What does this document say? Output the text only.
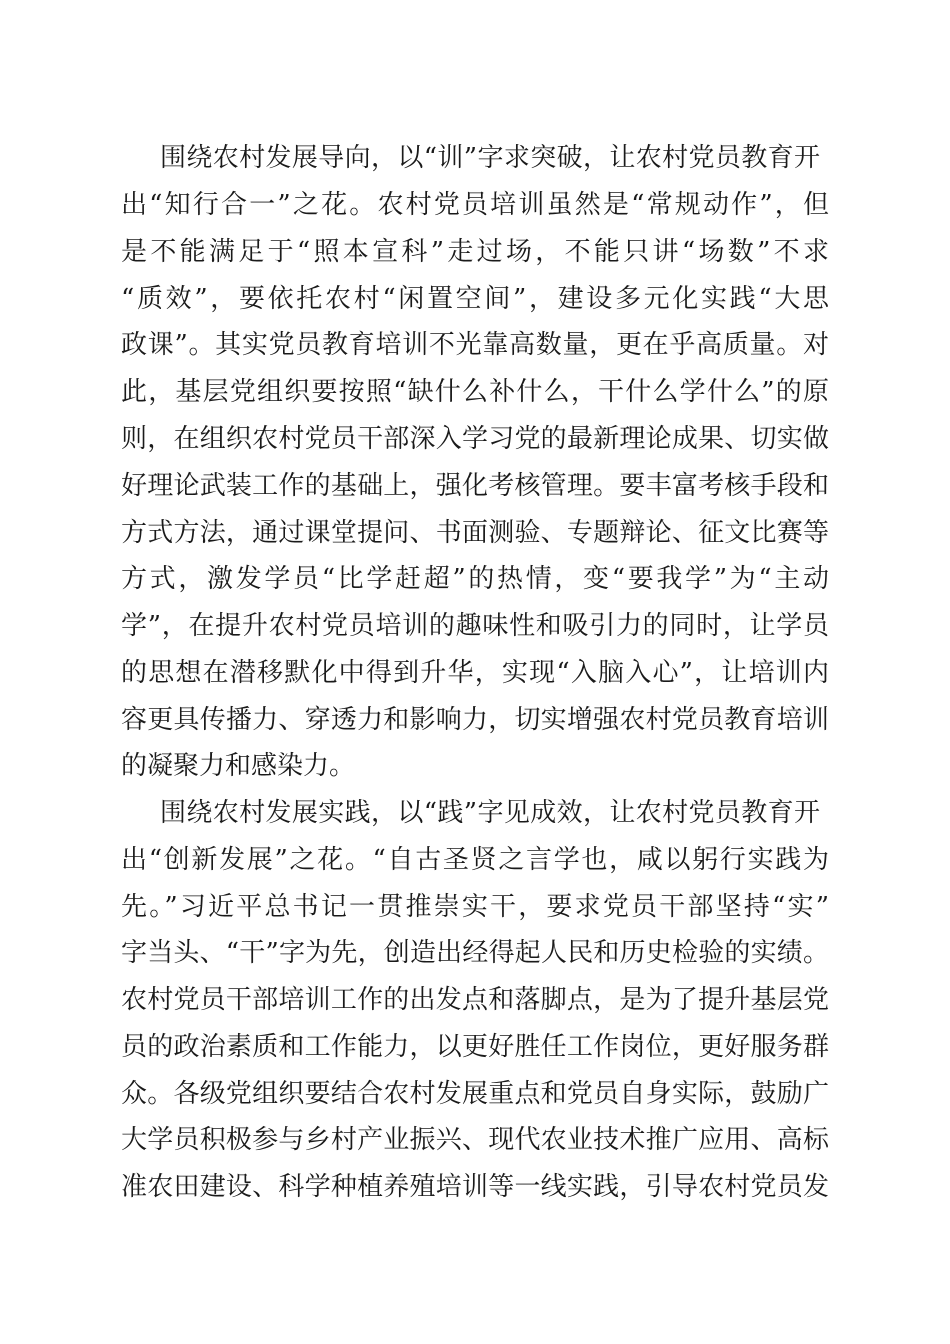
围绕农村发展导向，以“训”字求突破，让农村党员教育开
出“知行合一”之花。农村党员培训虽然是“常规动作”，但
是不能满足于“照本宣科”走过场，不能只讲“场数”不求
“质效”，要依托农村“闲置空间”，建设多元化实践“大思
政课”。其实党员教育培训不光靠高数量，更在乎高质量。对
此，基层党组织要按照“缺什么补什么，干什么学什么”的原
则，在组织农村党员干部深入学习党的最新理论成果、切实做
好理论武装工作的基础上，强化考核管理。要丰富考核手段和
方式方法，通过课堂提问、书面测验、专题辩论、征文比赛等
方式，激发学员“比学赶超”的热情，变“要我学”为“主动
学”，在提升农村党员培训的趣味性和吸引力的同时，让学员
的思想在潜移默化中得到升华，实现“入脑入心”，让培训内
容更具传播力、穿透力和影响力，切实增强农村党员教育培训
的凝聚力和感染力。
围绕农村发展实践，以“践”字见成效，让农村党员教育开
出“创新发展”之花。“自古圣贤之言学也，咸以躬行实践为
先。”习近平总书记一贯推崇实干，要求党员干部坚持“实”
字当头、“干”字为先，创造出经得起人民和历史检验的实绩。
农村党员干部培训工作的出发点和落脚点，是为了提升基层党
员的政治素质和工作能力，以更好胜任工作岗位，更好服务群
众。各级党组织要结合农村发展重点和党员自身实际，鼓励广
大学员积极参与乡村产业振兴、现代农业技术推广应用、高标
准农田建设、科学种植养殖培训等一线实践，引导农村党员发
